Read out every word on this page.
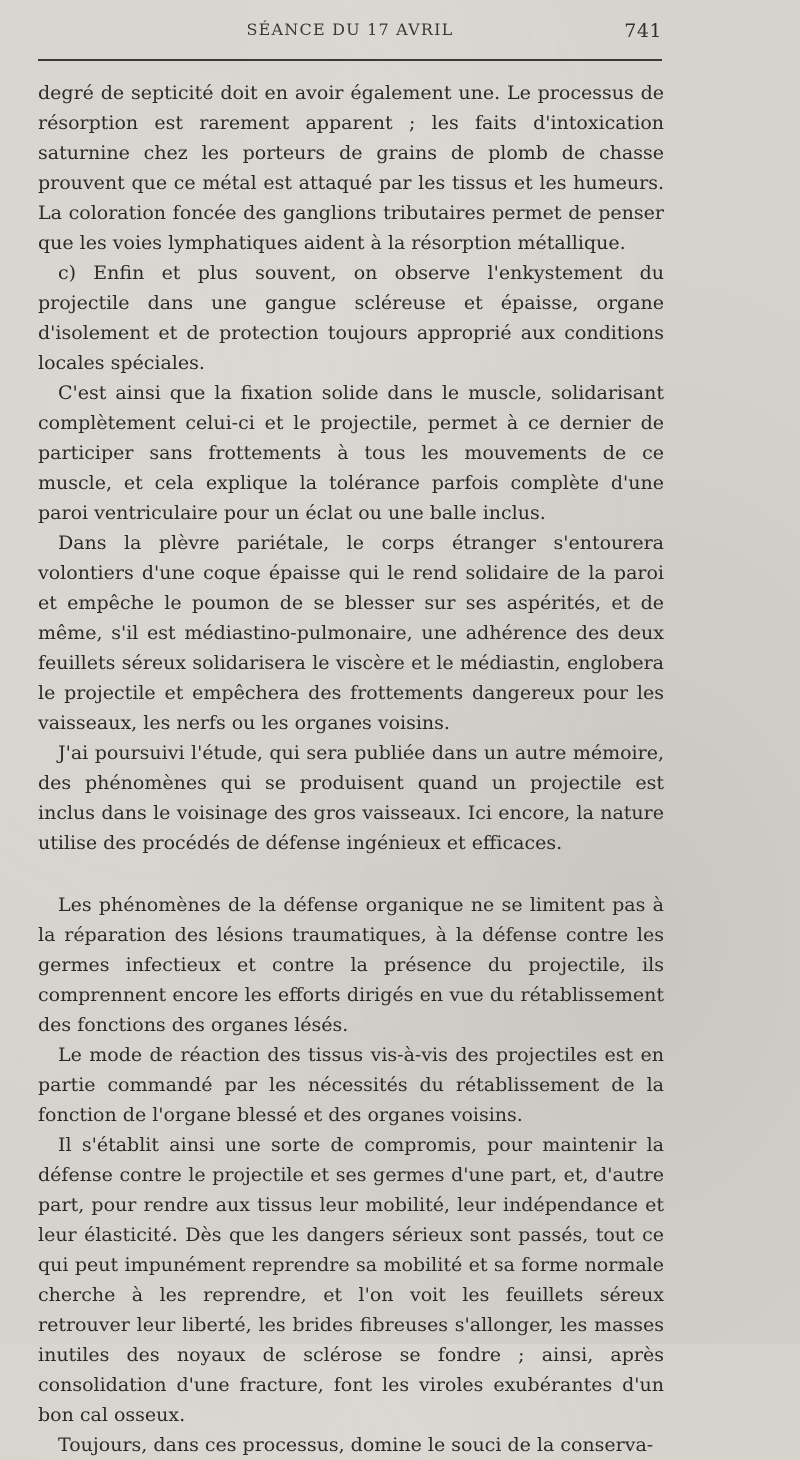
SÉANCE DU 17 AVRIL	741

degré de septicité doit en avoir également une. Le processus de résorption est rarement apparent ; les faits d'intoxication saturnine chez les porteurs de grains de plomb de chasse prouvent que ce métal est attaqué par les tissus et les humeurs. La coloration foncée des ganglions tributaires permet de penser que les voies lymphatiques aident à la résorption métallique.

c) Enfin et plus souvent, on observe l'enkystement du projectile dans une gangue scléreuse et épaisse, organe d'isolement et de protection toujours approprié aux conditions locales spéciales.

C'est ainsi que la fixation solide dans le muscle, solidarisant complètement celui-ci et le projectile, permet à ce dernier de participer sans frottements à tous les mouvements de ce muscle, et cela explique la tolérance parfois complète d'une paroi ventriculaire pour un éclat ou une balle inclus.

Dans la plèvre pariétale, le corps étranger s'entourera volontiers d'une coque épaisse qui le rend solidaire de la paroi et empêche le poumon de se blesser sur ses aspérités, et de même, s'il est médiastino-pulmonaire, une adhérence des deux feuillets séreux solidarisera le viscère et le médiastin, englobera le projectile et empêchera des frottements dangereux pour les vaisseaux, les nerfs ou les organes voisins.

J'ai poursuivi l'étude, qui sera publiée dans un autre mémoire, des phénomènes qui se produisent quand un projectile est inclus dans le voisinage des gros vaisseaux. Ici encore, la nature utilise des procédés de défense ingénieux et efficaces.

Les phénomènes de la défense organique ne se limitent pas à la réparation des lésions traumatiques, à la défense contre les germes infectieux et contre la présence du projectile, ils comprennent encore les efforts dirigés en vue du rétablissement des fonctions des organes lésés.

Le mode de réaction des tissus vis-à-vis des projectiles est en partie commandé par les nécessités du rétablissement de la fonction de l'organe blessé et des organes voisins.

Il s'établit ainsi une sorte de compromis, pour maintenir la défense contre le projectile et ses germes d'une part, et, d'autre part, pour rendre aux tissus leur mobilité, leur indépendance et leur élasticité. Dès que les dangers sérieux sont passés, tout ce qui peut impunément reprendre sa mobilité et sa forme normale cherche à les reprendre, et l'on voit les feuillets séreux retrouver leur liberté, les brides fibreuses s'allonger, les masses inutiles des noyaux de sclérose se fondre ; ainsi, après consolidation d'une fracture, font les viroles exubérantes d'un bon cal osseux.

Toujours, dans ces processus, domine le souci de la conserva-
